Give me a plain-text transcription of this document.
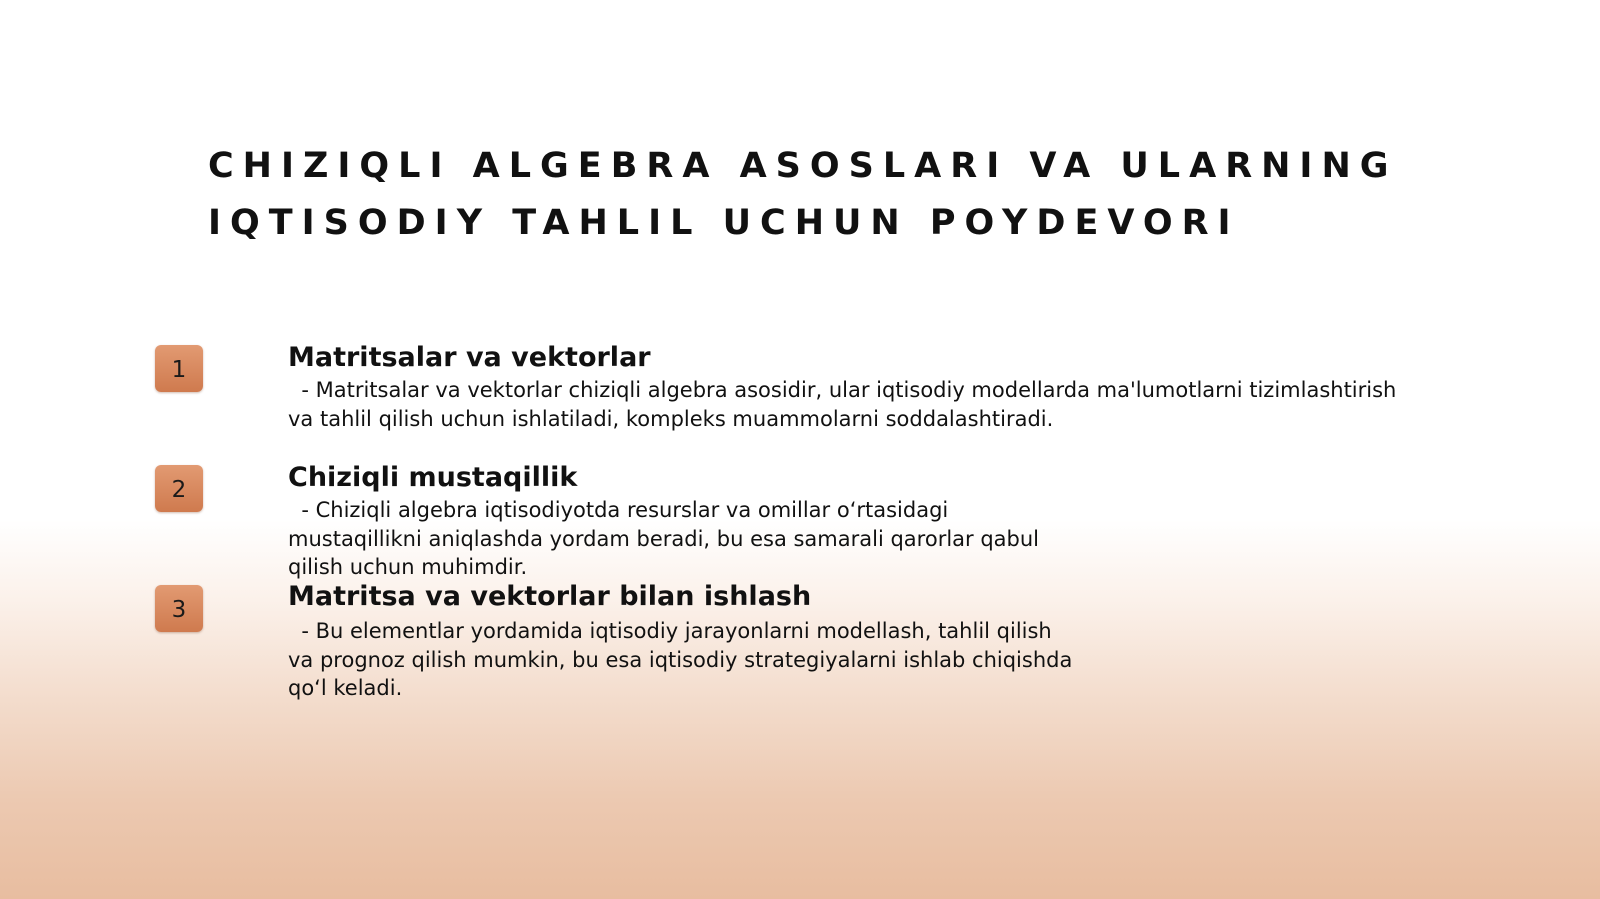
CHIZIQLI ALGEBRA ASOSLARI VA ULARNING
IQTISODIY TAHLIL UCHUN POYDEVORI
1	Matritsalar va vektorlar

- Matritsalar va vektorlar chiziqli algebra asosidir, ular iqtisodiy modellarda ma'lumotlarni tizimlashtirish
va tahlil qilish uchun ishlatiladi, kompleks muammolarni soddalashtiradi.

2	Chiziqli mustaqillik

- Chiziqli algebra iqtisodiyotda resurslar va omillar o‘rtasidagi
mustaqillikni aniqlashda yordam beradi, bu esa samarali qarorlar qabul
qilish uchun muhimdir.

3	Matritsa va vektorlar bilan ishlash

- Bu elementlar yordamida iqtisodiy jarayonlarni modellash, tahlil qilish
va prognoz qilish mumkin, bu esa iqtisodiy strategiyalarni ishlab chiqishda
qo‘l keladi.
